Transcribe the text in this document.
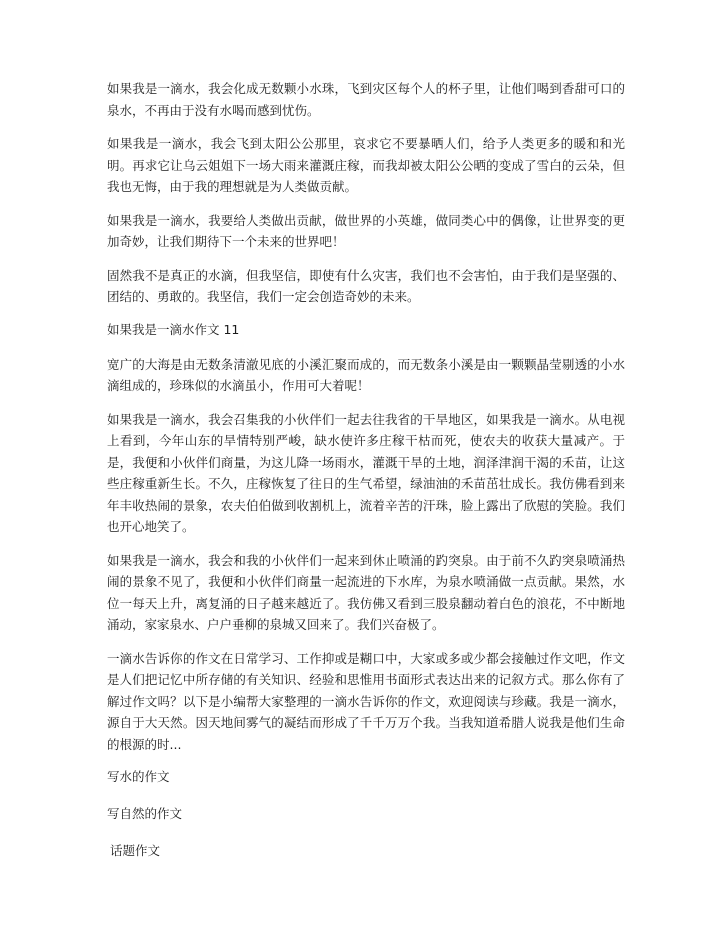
如果我是一滴水，我会化成无数颗小水珠，飞到灾区每个人的杯子里，让他们喝到香甜可口的泉水，不再由于没有水喝而感到忧伤。

如果我是一滴水，我会飞到太阳公公那里，哀求它不要暴晒人们，给予人类更多的暖和和光明。再求它让乌云姐姐下一场大雨来灌溉庄稼，而我却被太阳公公晒的变成了雪白的云朵，但我也无悔，由于我的理想就是为人类做贡献。

如果我是一滴水，我要给人类做出贡献，做世界的小英雄，做同类心中的偶像，让世界变的更加奇妙，让我们期待下一个未来的世界吧！

固然我不是真正的水滴，但我坚信，即使有什么灾害，我们也不会害怕，由于我们是坚强的、团结的、勇敢的。我坚信，我们一定会创造奇妙的未来。

如果我是一滴水作文 11

宽广的大海是由无数条清澈见底的小溪汇聚而成的，而无数条小溪是由一颗颗晶莹剔透的小水滴组成的，珍珠似的水滴虽小，作用可大着呢！

如果我是一滴水，我会召集我的小伙伴们一起去往我省的干旱地区，如果我是一滴水。从电视上看到，今年山东的旱情特别严峻，缺水使许多庄稼干枯而死，使农夫的收获大量减产。于是，我便和小伙伴们商量，为这儿降一场雨水，灌溉干旱的土地，润泽津润干渴的禾苗，让这些庄稼重新生长。不久，庄稼恢复了往日的生气希望，绿油油的禾苗茁壮成长。我仿佛看到来年丰收热闹的景象，农夫伯伯做到收割机上，流着辛苦的汗珠，脸上露出了欣慰的笑脸。我们也开心地笑了。

如果我是一滴水，我会和我的小伙伴们一起来到休止喷涌的趵突泉。由于前不久趵突泉喷涌热闹的景象不见了，我便和小伙伴们商量一起流进的下水库，为泉水喷涌做一点贡献。果然，水位一每天上升，离复涌的日子越来越近了。我仿佛又看到三股泉翻动着白色的浪花，不中断地涌动，家家泉水、户户垂柳的泉城又回来了。我们兴奋极了。

一滴水告诉你的作文在日常学习、工作抑或是糊口中，大家或多或少都会接触过作文吧，作文是人们把记忆中所存储的有关知识、经验和思惟用书面形式表达出来的记叙方式。那么你有了解过作文吗？以下是小编帮大家整理的一滴水告诉你的作文，欢迎阅读与珍藏。我是一滴水，源自于大天然。因天地间雾气的凝结而形成了千千万万个我。当我知道希腊人说我是他们生命的根源的时...

写水的作文
写自然的作文
话题作文
